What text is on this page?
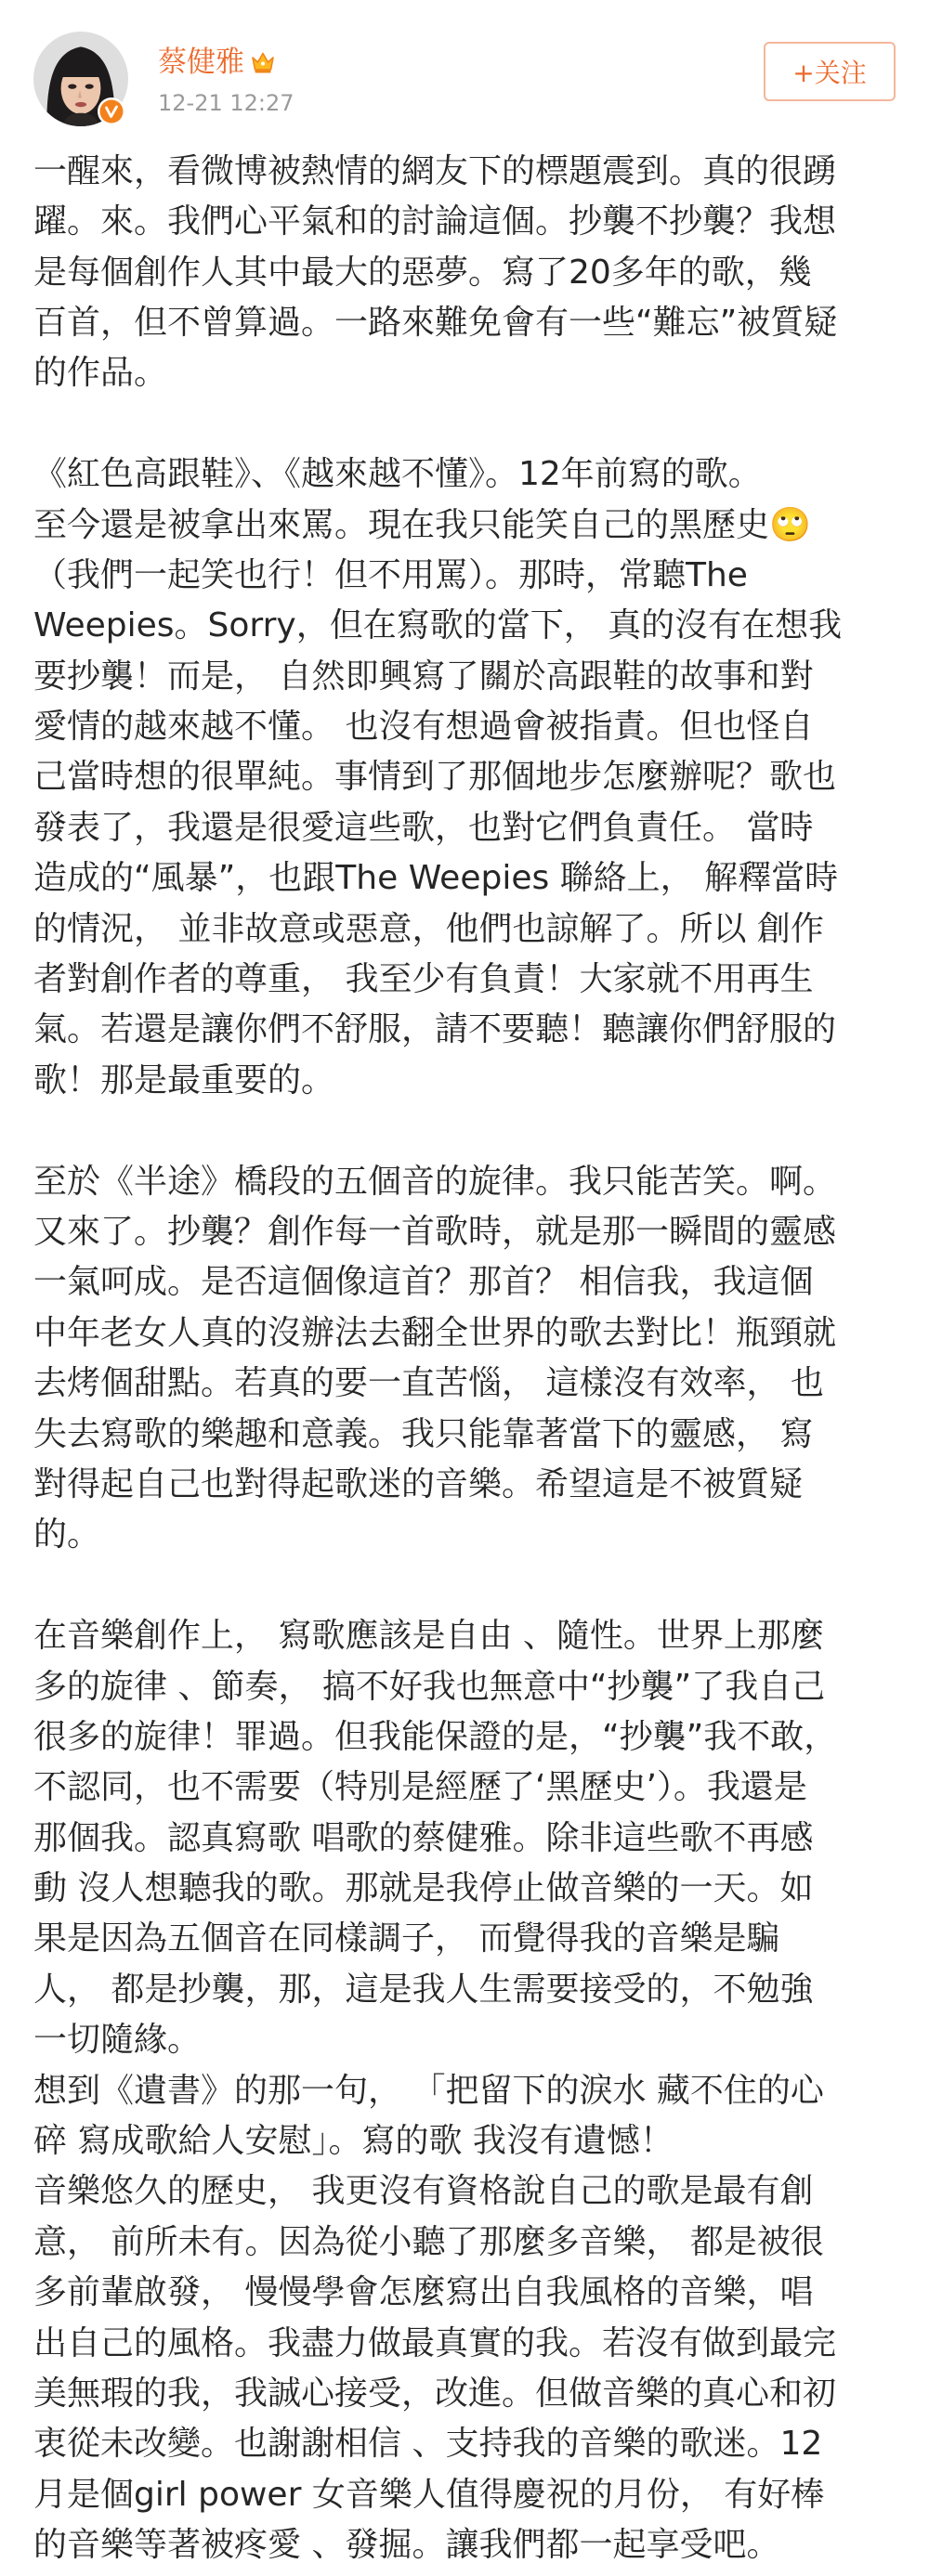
蔡健雅
12-21 12:27
+关注
一醒來，看微博被熱情的網友下的標題震到。真的很踴
躍。來。我們心平氣和的討論這個。抄襲不抄襲？我想
是每個創作人其中最大的惡夢。寫了20多年的歌，幾
百首，但不曾算過。一路來難免會有一些“難忘”被質疑
的作品。
《紅色高跟鞋》、《越來越不懂》。12年前寫的歌。
至今還是被拿出來罵。現在我只能笑自己的黑歷史🙄
（我們一起笑也行！但不用罵）。那時，常聽The
Weepies。Sorry，但在寫歌的當下， 真的沒有在想我
要抄襲！而是， 自然即興寫了關於高跟鞋的故事和對
愛情的越來越不懂。 也沒有想過會被指責。但也怪自
己當時想的很單純。事情到了那個地步怎麼辦呢？歌也
發表了，我還是很愛這些歌，也對它們負責任。 當時
造成的“風暴”，也跟The Weepies 聯絡上， 解釋當時
的情況， 並非故意或惡意，他們也諒解了。所以 創作
者對創作者的尊重， 我至少有負責！大家就不用再生
氣。若還是讓你們不舒服，請不要聽！聽讓你們舒服的
歌！那是最重要的。
至於《半途》橋段的五個音的旋律。我只能苦笑。啊。
又來了。抄襲？創作每一首歌時，就是那一瞬間的靈感
一氣呵成。是否這個像這首？那首？ 相信我，我這個
中年老女人真的沒辦法去翻全世界的歌去對比！瓶頸就
去烤個甜點。若真的要一直苦惱， 這樣沒有效率， 也
失去寫歌的樂趣和意義。我只能靠著當下的靈感， 寫
對得起自己也對得起歌迷的音樂。希望這是不被質疑
的。
在音樂創作上， 寫歌應該是自由 、隨性。世界上那麼
多的旋律 、節奏， 搞不好我也無意中“抄襲”了我自己
很多的旋律！罪過。但我能保證的是，“抄襲”我不敢，
不認同，也不需要（特別是經歷了‘黑歷史’）。我還是
那個我。認真寫歌 唱歌的蔡健雅。除非這些歌不再感
動 沒人想聽我的歌。那就是我停止做音樂的一天。如
果是因為五個音在同樣調子， 而覺得我的音樂是騙
人， 都是抄襲，那，這是我人生需要接受的，不勉強
一切隨緣。
想到《遺書》的那一句， 「把留下的淚水 藏不住的心
碎 寫成歌給人安慰」。寫的歌 我沒有遺憾！
音樂悠久的歷史， 我更沒有資格說自己的歌是最有創
意， 前所未有。因為從小聽了那麼多音樂， 都是被很
多前輩啟發， 慢慢學會怎麼寫出自我風格的音樂，唱
出自己的風格。我盡力做最真實的我。若沒有做到最完
美無瑕的我，我誠心接受，改進。但做音樂的真心和初
衷從未改變。也謝謝相信 、支持我的音樂的歌迷。12
月是個girl power 女音樂人值得慶祝的月份， 有好棒
的音樂等著被疼愛 、發掘。讓我們都一起享受吧。
